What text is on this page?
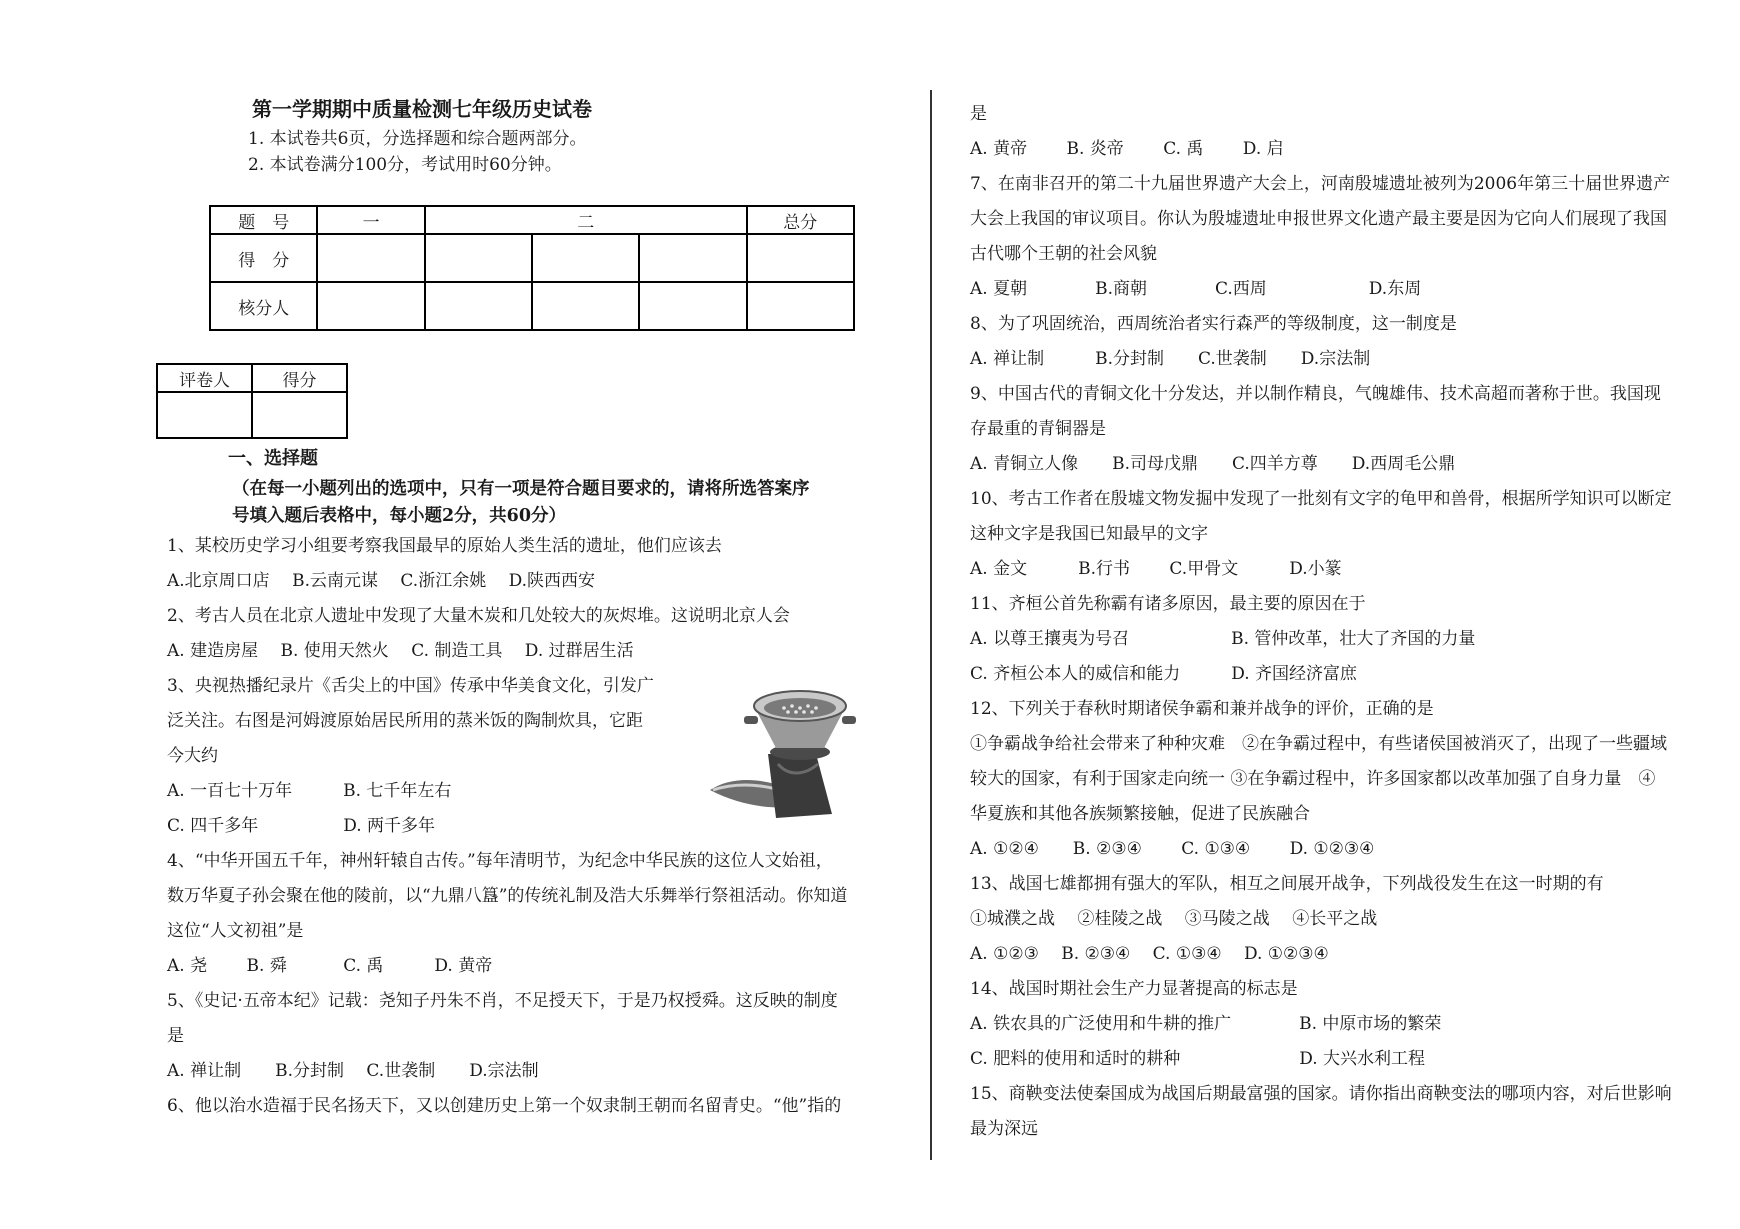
第一学期期中质量检测七年级历史试卷
1. 本试卷共6页，分选择题和综合题两部分。
2. 本试卷满分100分，考试用时60分钟。
题　号	一	二			总分
得　分					
核分人					
评卷人	得分

一、选择题
（在每一小题列出的选项中，只有一项是符合题目要求的，请将所选答案序
号填入题后表格中，每小题2分，共60分）
1、某校历史学习小组要考察我国最早的原始人类生活的遗址，他们应该去
A.北京周口店　 B.云南元谋　 C.浙江余姚　 D.陕西西安
2、考古人员在北京人遗址中发现了大量木炭和几处较大的灰烬堆。这说明北京人会
A. 建造房屋　 B. 使用天然火　 C. 制造工具　 D. 过群居生活
3、央视热播纪录片《舌尖上的中国》传承中华美食文化，引发广
泛关注。右图是河姆渡原始居民所用的蒸米饭的陶制炊具，它距
今大约
A. 一百七十万年　　　B. 七千年左右
C. 四千多年　　　　　D. 两千多年
4、“中华开国五千年，神州轩辕自古传。”每年清明节，为纪念中华民族的这位人文始祖，
数万华夏子孙会聚在他的陵前，以“九鼎八簋”的传统礼制及浩大乐舞举行祭祖活动。你知道
这位“人文初祖”是
A. 尧　　 B. 舜　　　 C. 禹　　　D. 黄帝
5、《史记·五帝本纪》记载：尧知子丹朱不肖，不足授天下，于是乃权授舜。这反映的制度
是
A. 禅让制　　B.分封制　 C.世袭制　　D.宗法制
6、他以治水造福于民名扬天下，又以创建历史上第一个奴隶制王朝而名留青史。“他”指的
是
A. 黄帝　　 B. 炎帝　　 C. 禹　　 D. 启
7、在南非召开的第二十九届世界遗产大会上，河南殷墟遗址被列为2006年第三十届世界遗产
大会上我国的审议项目。你认为殷墟遗址申报世界文化遗产最主要是因为它向人们展现了我国
古代哪个王朝的社会风貌
A. 夏朝　　　　B.商朝　　　　C.西周　　　　　　D.东周
8、为了巩固统治，西周统治者实行森严的等级制度，这一制度是
A. 禅让制　　　B.分封制　　C.世袭制　　D.宗法制
9、中国古代的青铜文化十分发达，并以制作精良，气魄雄伟、技术高超而著称于世。我国现
存最重的青铜器是
A. 青铜立人像　　B.司母戊鼎　　C.四羊方尊　　D.西周毛公鼎
10、考古工作者在殷墟文物发掘中发现了一批刻有文字的龟甲和兽骨，根据所学知识可以断定
这种文字是我国已知最早的文字
A. 金文　　　B.行书　　 C.甲骨文　　　D.小篆
11、齐桓公首先称霸有诸多原因，最主要的原因在于
A. 以尊王攘夷为号召　　　　　　B. 管仲改革，壮大了齐国的力量
C. 齐桓公本人的威信和能力　　　D. 齐国经济富庶
12、下列关于春秋时期诸侯争霸和兼并战争的评价，正确的是
①争霸战争给社会带来了种种灾难　②在争霸过程中，有些诸侯国被消灭了，出现了一些疆域
较大的国家，有利于国家走向统一 ③在争霸过程中，许多国家都以改革加强了自身力量　④
华夏族和其他各族频繁接触，促进了民族融合
A. ①②④　　B. ②③④　　 C. ①③④　　 D. ①②③④
13、战国七雄都拥有强大的军队，相互之间展开战争，下列战役发生在这一时期的有
①城濮之战　 ②桂陵之战　 ③马陵之战　 ④长平之战
A. ①②③　 B. ②③④　 C. ①③④　 D. ①②③④
14、战国时期社会生产力显著提高的标志是
A. 铁农具的广泛使用和牛耕的推广　　　　B. 中原市场的繁荣
C. 肥料的使用和适时的耕种　　　　　　　D. 大兴水利工程
15、商鞅变法使秦国成为战国后期最富强的国家。请你指出商鞅变法的哪项内容，对后世影响
最为深远
